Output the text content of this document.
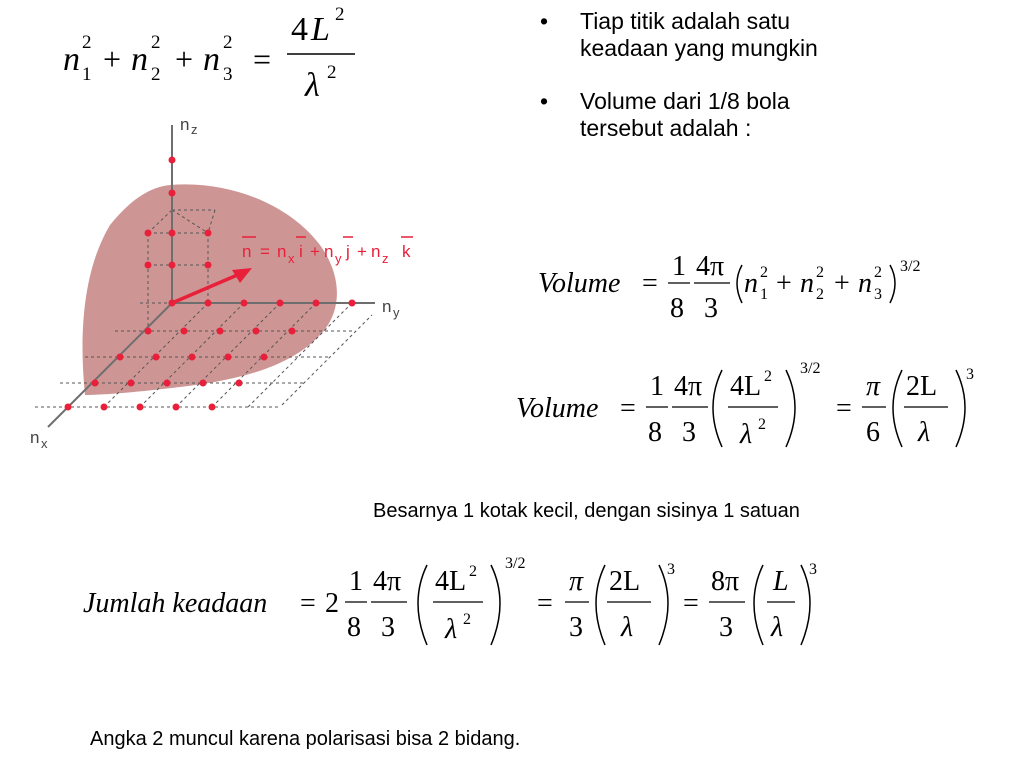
n 1
2 + n 2
2 + n 3
2 =
4 L 2
λ 2
n z
n y
n x
n = n x i + n y j + n z k
• Tiap titik adalah satu keadaan yang mungkin
• Volume dari 1/8 bola tersebut adalah :
Volume =
1
8
4π
3
n 1
2 + n 2
2 + n 3
2 3/2
Volume =
1
8
4π
3
4L 2
λ 2
3/2
=
π
6
2L
λ
3
Besarnya 1 kotak kecil, dengan sisinya 1 satuan
Jumlah keadaan = 2
1
8
4π
3
4L 2
λ 2
3/2
=
π
3
2L
λ
3
=
8π
3
L
λ
3
Angka 2 muncul karena polarisasi bisa 2 bidang.
